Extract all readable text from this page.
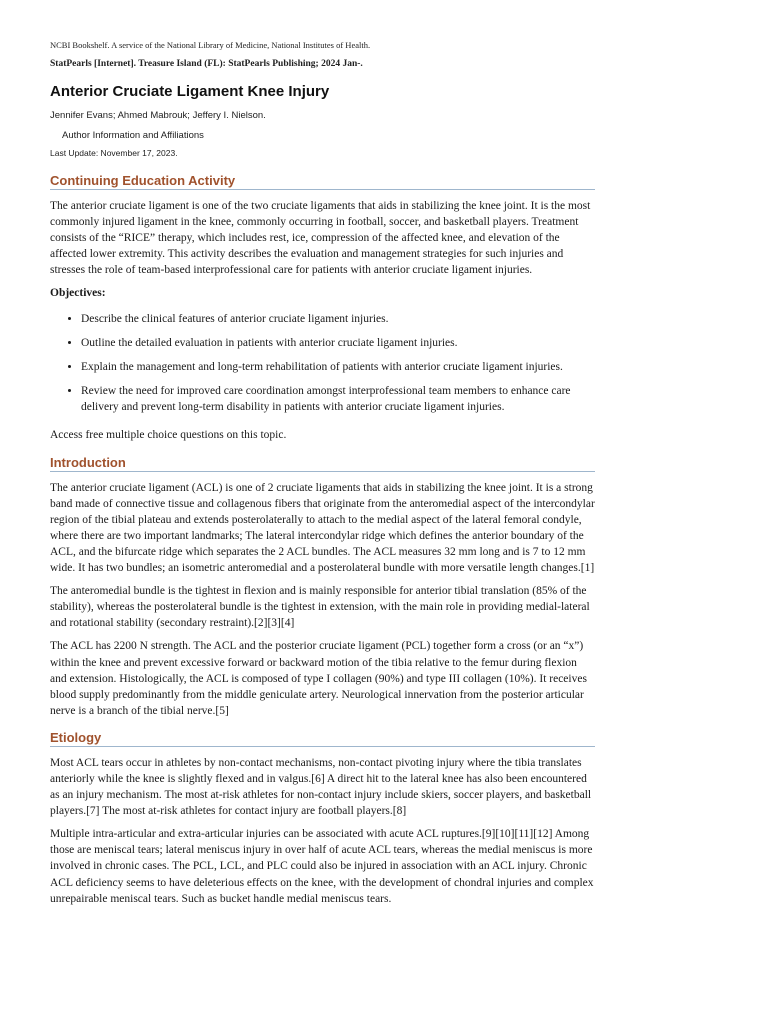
NCBI Bookshelf. A service of the National Library of Medicine, National Institutes of Health.

StatPearls [Internet]. Treasure Island (FL): StatPearls Publishing; 2024 Jan-.

Anterior Cruciate Ligament Knee Injury

Jennifer Evans; Ahmed Mabrouk; Jeffery I. Nielson.

Author Information and Affiliations

Last Update: November 17, 2023.

Continuing Education Activity

The anterior cruciate ligament is one of the two cruciate ligaments that aids in stabilizing the knee joint. It is the most commonly injured ligament in the knee, commonly occurring in football, soccer, and basketball players. Treatment consists of the “RICE” therapy, which includes rest, ice, compression of the affected knee, and elevation of the affected lower extremity. This activity describes the evaluation and management strategies for such injuries and stresses the role of team-based interprofessional care for patients with anterior cruciate ligament injuries.

Objectives:

• Describe the clinical features of anterior cruciate ligament injuries.
• Outline the detailed evaluation in patients with anterior cruciate ligament injuries.
• Explain the management and long-term rehabilitation of patients with anterior cruciate ligament injuries.
• Review the need for improved care coordination amongst interprofessional team members to enhance care delivery and prevent long-term disability in patients with anterior cruciate ligament injuries.

Access free multiple choice questions on this topic.

Introduction

The anterior cruciate ligament (ACL) is one of 2 cruciate ligaments that aids in stabilizing the knee joint. It is a strong band made of connective tissue and collagenous fibers that originate from the anteromedial aspect of the intercondylar region of the tibial plateau and extends posterolaterally to attach to the medial aspect of the lateral femoral condyle, where there are two important landmarks; The lateral intercondylar ridge which defines the anterior boundary of the ACL, and the bifurcate ridge which separates the 2 ACL bundles. The ACL measures 32 mm long and is 7 to 12 mm wide. It has two bundles; an isometric anteromedial and a posterolateral bundle with more versatile length changes.[1]

The anteromedial bundle is the tightest in flexion and is mainly responsible for anterior tibial translation (85% of the stability), whereas the posterolateral bundle is the tightest in extension, with the main role in providing medial-lateral and rotational stability (secondary restraint).[2][3][4]

The ACL has 2200 N strength. The ACL and the posterior cruciate ligament (PCL) together form a cross (or an “x”) within the knee and prevent excessive forward or backward motion of the tibia relative to the femur during flexion and extension. Histologically, the ACL is composed of type I collagen (90%) and type III collagen (10%). It receives blood supply predominantly from the middle geniculate artery. Neurological innervation from the posterior articular nerve is a branch of the tibial nerve.[5]

Etiology

Most ACL tears occur in athletes by non-contact mechanisms, non-contact pivoting injury where the tibia translates anteriorly while the knee is slightly flexed and in valgus.[6] A direct hit to the lateral knee has also been encountered as an injury mechanism. The most at-risk athletes for non-contact injury include skiers, soccer players, and basketball players.[7] The most at-risk athletes for contact injury are football players.[8]

Multiple intra-articular and extra-articular injuries can be associated with acute ACL ruptures.[9][10][11][12] Among those are meniscal tears; lateral meniscus injury in over half of acute ACL tears, whereas the medial meniscus is more involved in chronic cases. The PCL, LCL, and PLC could also be injured in association with an ACL injury. Chronic ACL deficiency seems to have deleterious effects on the knee, with the development of chondral injuries and complex unrepairable meniscal tears. Such as bucket handle medial meniscus tears.
